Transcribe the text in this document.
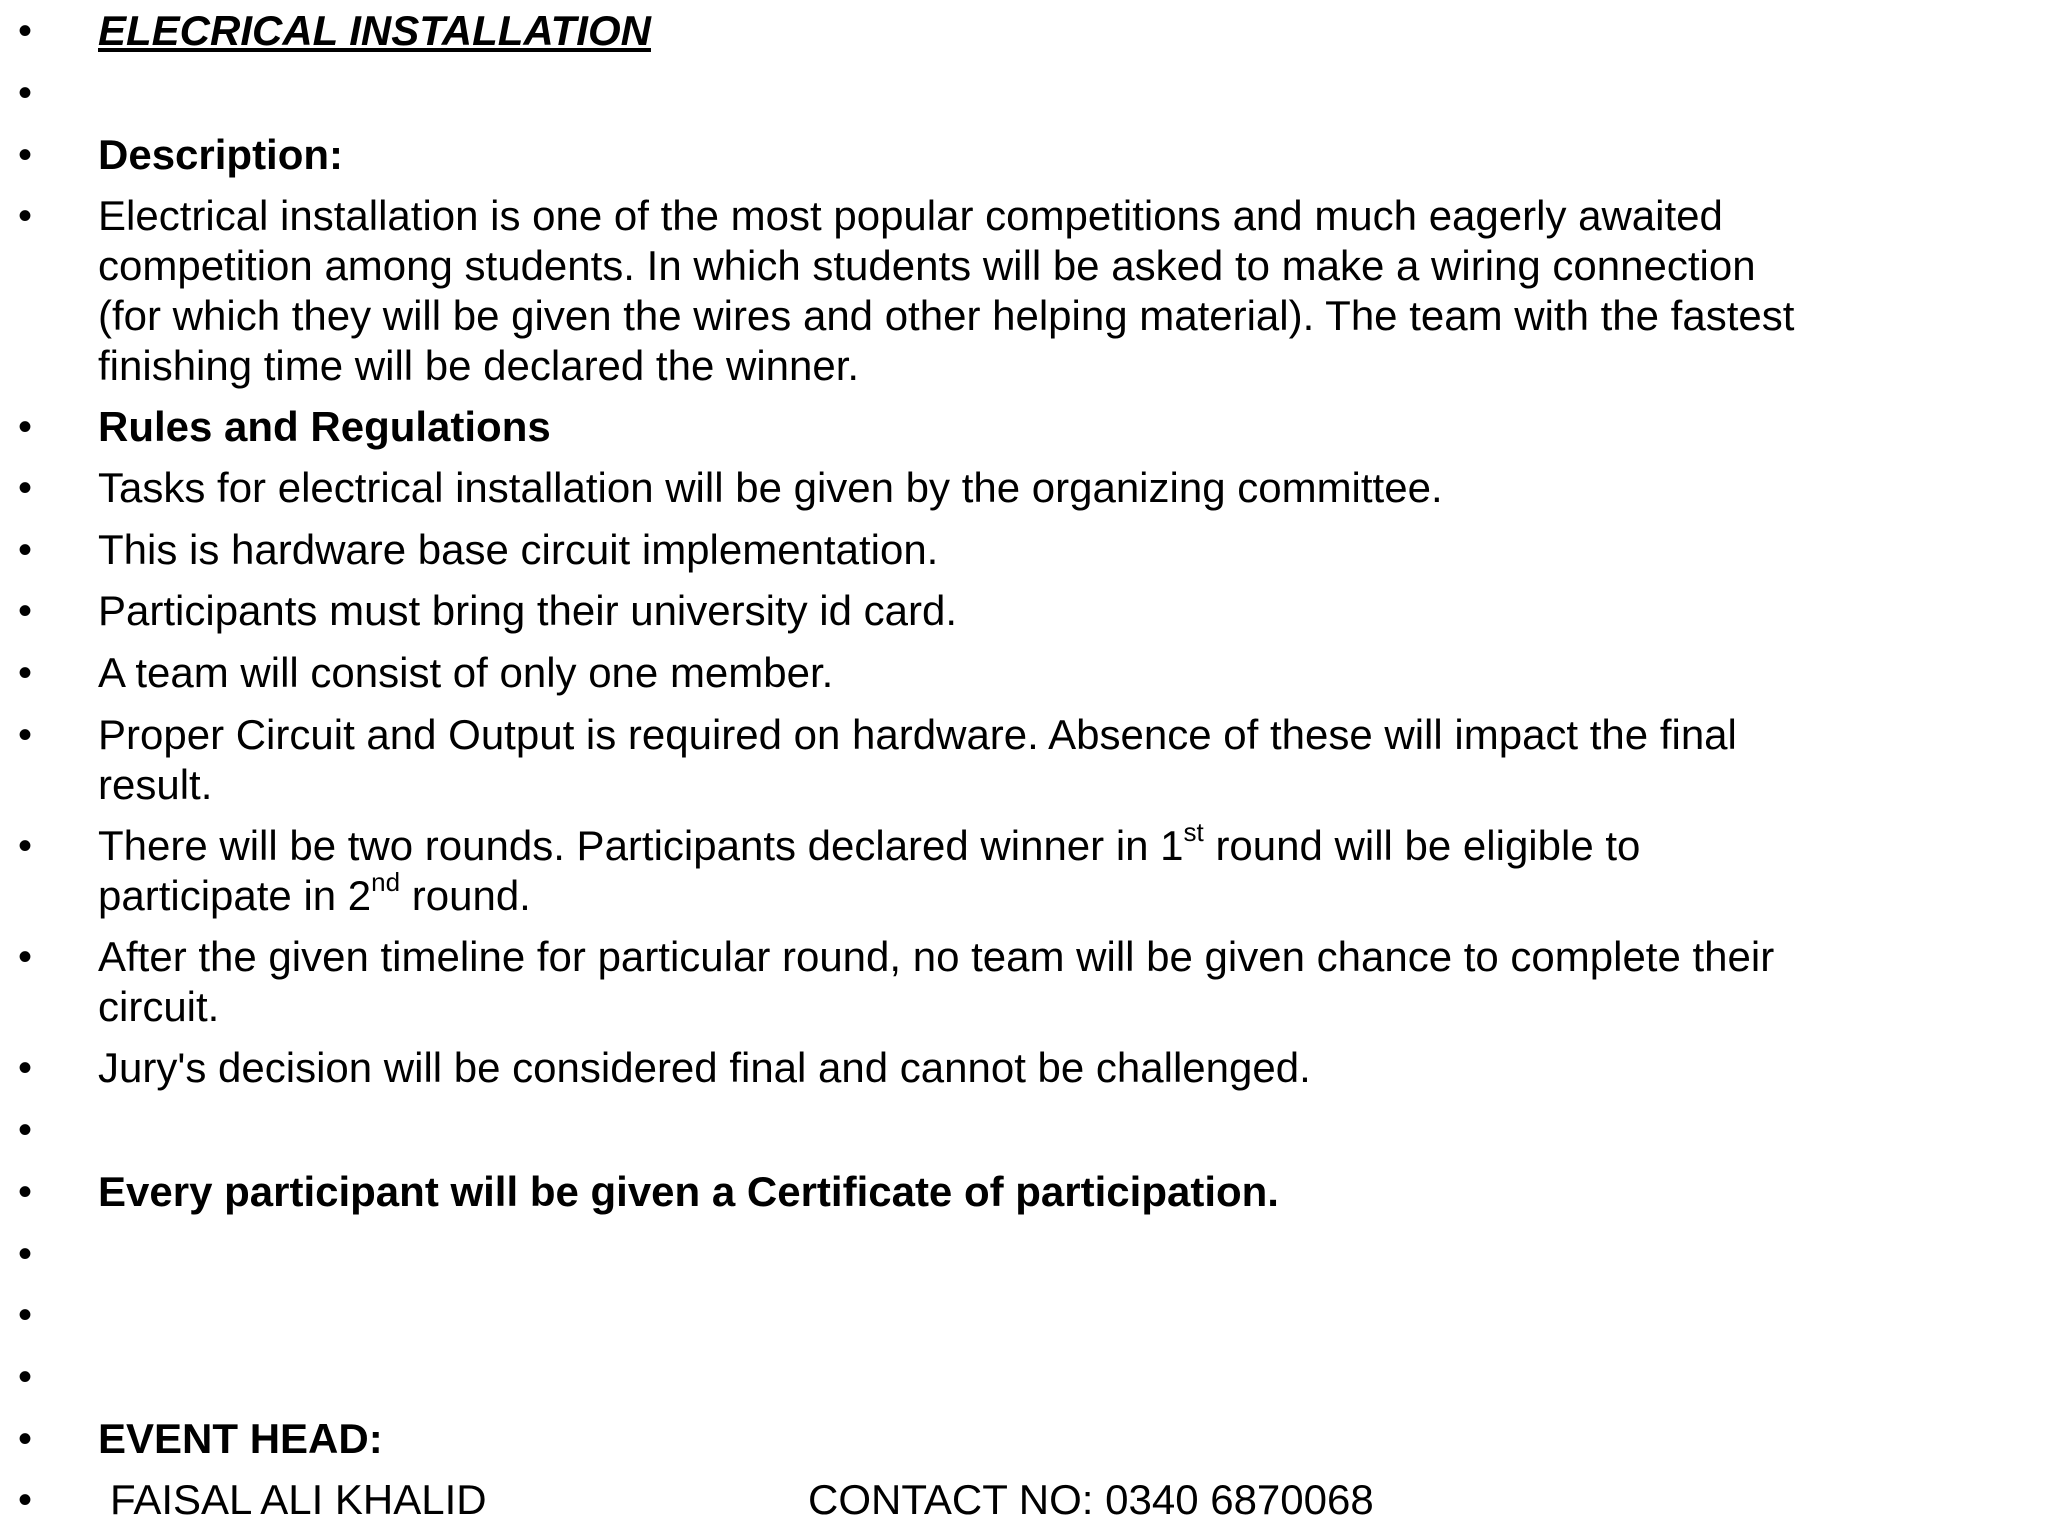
•	ELECRICAL INSTALLATION
•
•	Description:
•	Electrical installation is one of the most popular competitions and much eagerly awaited
competition among students. In which students will be asked to make a wiring connection
(for which they will be given the wires and other helping material). The team with the fastest
finishing time will be declared the winner.
•	Rules and Regulations
•	Tasks for electrical installation will be given by the organizing committee.
•	This is hardware base circuit implementation.
•	Participants must bring their university id card.
•	A team will consist of only one member.
•	Proper Circuit and Output is required on hardware. Absence of these will impact the final
result.
•	There will be two rounds. Participants declared winner in 1st round will be eligible to
participate in 2nd round.
•	After the given timeline for particular round, no team will be given chance to complete their
circuit.
•	Jury's decision will be considered final and cannot be challenged.
•
•	Every participant will be given a Certificate of participation.
•
•
•
•	EVENT HEAD:
•	FAISAL ALI KHALID	CONTACT NO: 0340 6870068
